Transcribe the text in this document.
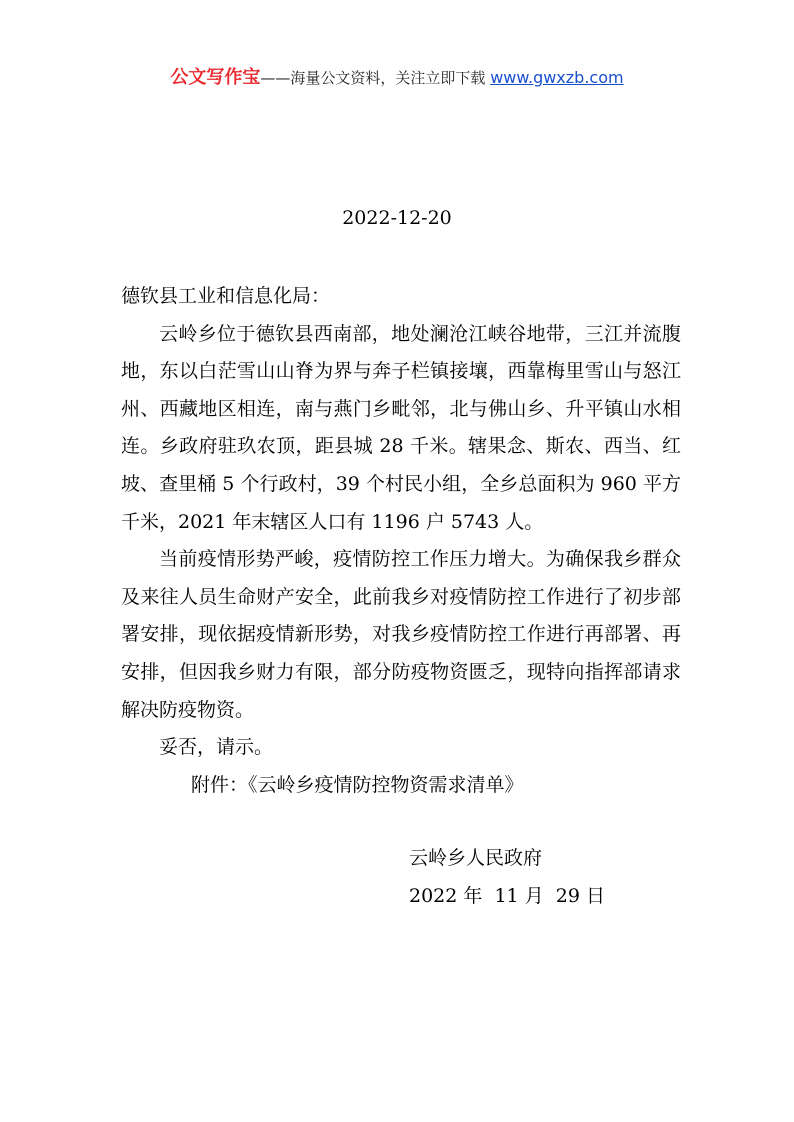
公文写作宝——海量公文资料，关注立即下载 www.gwxzb.com
2022-12-20

德钦县工业和信息化局：

云岭乡位于德钦县西南部，地处澜沧江峡谷地带，三江并流腹地，东以白茫雪山山脊为界与奔子栏镇接壤，西靠梅里雪山与怒江州、西藏地区相连，南与燕门乡毗邻，北与佛山乡、升平镇山水相连。乡政府驻玖农顶，距县城 28 千米。辖果念、斯农、西当、红坡、查里桶 5 个行政村，39 个村民小组，全乡总面积为 960 平方千米，2021 年末辖区人口有 1196 户 5743 人。

当前疫情形势严峻，疫情防控工作压力增大。为确保我乡群众及来往人员生命财产安全，此前我乡对疫情防控工作进行了初步部署安排，现依据疫情新形势，对我乡疫情防控工作进行再部署、再安排，但因我乡财力有限，部分防疫物资匮乏，现特向指挥部请求解决防疫物资。

妥否，请示。

附件：《云岭乡疫情防控物资需求清单》

云岭乡人民政府
2022 年  11 月  29 日
